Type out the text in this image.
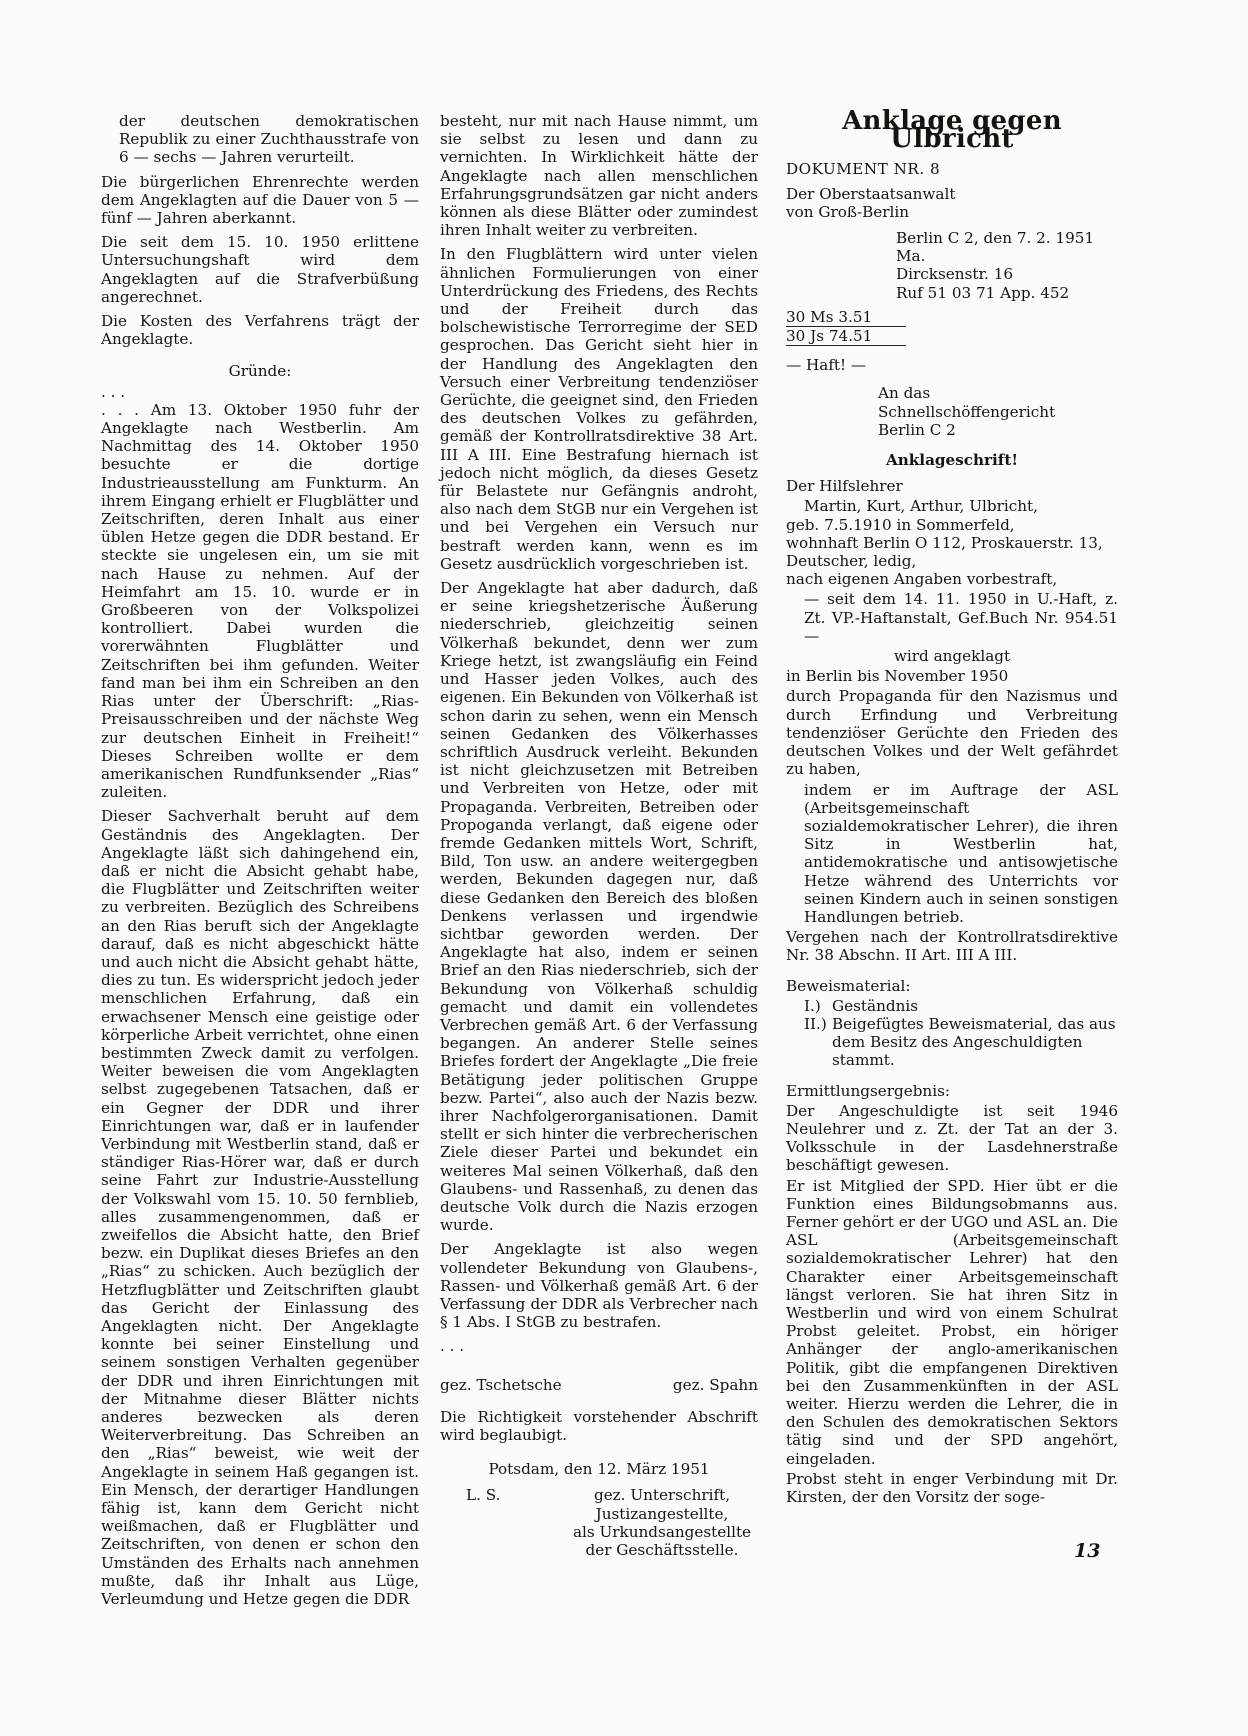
der deutschen demokratischen Republik zu einer Zuchthausstrafe von 6 — sechs — Jahren verurteilt.

Die bürgerlichen Ehrenrechte werden dem Angeklagten auf die Dauer von 5 — fünf — Jahren aberkannt.

Die seit dem 15. 10. 1950 erlittene Untersuchungshaft wird dem Angeklagten auf die Strafverbüßung angerechnet.

Die Kosten des Verfahrens trägt der Angeklagte.

Gründe:

. . .

. . . Am 13. Oktober 1950 fuhr der Angeklagte nach Westberlin. Am Nachmittag des 14. Oktober 1950 besuchte er die dortige Industrieausstellung am Funkturm. An ihrem Eingang erhielt er Flugblätter und Zeitschriften, deren Inhalt aus einer üblen Hetze gegen die DDR bestand. Er steckte sie ungelesen ein, um sie mit nach Hause zu nehmen. Auf der Heimfahrt am 15. 10. wurde er in Großbeeren von der Volkspolizei kontrolliert. Dabei wurden die vorerwähnten Flugblätter und Zeitschriften bei ihm gefunden. Weiter fand man bei ihm ein Schreiben an den Rias unter der Überschrift: „Rias-Preisausschreiben und der nächste Weg zur deutschen Einheit in Freiheit!“ Dieses Schreiben wollte er dem amerikanischen Rundfunksender „Rias“ zuleiten.

Dieser Sachverhalt beruht auf dem Geständnis des Angeklagten. Der Angeklagte läßt sich dahingehend ein, daß er nicht die Absicht gehabt habe, die Flugblätter und Zeitschriften weiter zu verbreiten. Bezüglich des Schreibens an den Rias beruft sich der Angeklagte darauf, daß es nicht abgeschickt hätte und auch nicht die Absicht gehabt hätte, dies zu tun. Es widerspricht jedoch jeder menschlichen Erfahrung, daß ein erwachsener Mensch eine geistige oder körperliche Arbeit verrichtet, ohne einen bestimmten Zweck damit zu verfolgen. Weiter beweisen die vom Angeklagten selbst zugegebenen Tatsachen, daß er ein Gegner der DDR und ihrer Einrichtungen war, daß er in laufender Verbindung mit Westberlin stand, daß er ständiger Rias-Hörer war, daß er durch seine Fahrt zur Industrie-Ausstellung der Volkswahl vom 15. 10. 50 fernblieb, alles zusammengenommen, daß er zweifellos die Absicht hatte, den Brief bezw. ein Duplikat dieses Briefes an den „Rias“ zu schicken. Auch bezüglich der Hetzflugblätter und Zeitschriften glaubt das Gericht der Einlassung des Angeklagten nicht. Der Angeklagte konnte bei seiner Einstellung und seinem sonstigen Verhalten gegenüber der DDR und ihren Einrichtungen mit der Mitnahme dieser Blätter nichts anderes bezwecken als deren Weiterverbreitung. Das Schreiben an den „Rias“ beweist, wie weit der Angeklagte in seinem Haß gegangen ist. Ein Mensch, der derartiger Handlungen fähig ist, kann dem Gericht nicht weißmachen, daß er Flugblätter und Zeitschriften, von denen er schon den Umständen des Erhalts nach annehmen mußte, daß ihr Inhalt aus Lüge, Verleumdung und Hetze gegen die DDR

besteht, nur mit nach Hause nimmt, um sie selbst zu lesen und dann zu vernichten. In Wirklichkeit hätte der Angeklagte nach allen menschlichen Erfahrungsgrundsätzen gar nicht anders können als diese Blätter oder zumindest ihren Inhalt weiter zu verbreiten.

In den Flugblättern wird unter vielen ähnlichen Formulierungen von einer Unterdrückung des Friedens, des Rechts und der Freiheit durch das bolschewistische Terrorregime der SED gesprochen. Das Gericht sieht hier in der Handlung des Angeklagten den Versuch einer Verbreitung tendenziöser Gerüchte, die geeignet sind, den Frieden des deutschen Volkes zu gefährden, gemäß der Kontrollratsdirektive 38 Art. III A III. Eine Bestrafung hiernach ist jedoch nicht möglich, da dieses Gesetz für Belastete nur Gefängnis androht, also nach dem StGB nur ein Vergehen ist und bei Vergehen ein Versuch nur bestraft werden kann, wenn es im Gesetz ausdrücklich vorgeschrieben ist.

Der Angeklagte hat aber dadurch, daß er seine kriegshetzerische Äußerung niederschrieb, gleichzeitig seinen Völkerhaß bekundet, denn wer zum Kriege hetzt, ist zwangsläufig ein Feind und Hasser jeden Volkes, auch des eigenen. Ein Bekunden von Völkerhaß ist schon darin zu sehen, wenn ein Mensch seinen Gedanken des Völkerhasses schriftlich Ausdruck verleiht. Bekunden ist nicht gleichzusetzen mit Betreiben und Verbreiten von Hetze, oder mit Propaganda. Verbreiten, Betreiben oder Propoganda verlangt, daß eigene oder fremde Gedanken mittels Wort, Schrift, Bild, Ton usw. an andere weitergegben werden, Bekunden dagegen nur, daß diese Gedanken den Bereich des bloßen Denkens verlassen und irgendwie sichtbar geworden werden. Der Angeklagte hat also, indem er seinen Brief an den Rias niederschrieb, sich der Bekundung von Völkerhaß schuldig gemacht und damit ein vollendetes Verbrechen gemäß Art. 6 der Verfassung begangen. An anderer Stelle seines Briefes fordert der Angeklagte „Die freie Betätigung jeder politischen Gruppe bezw. Partei“, also auch der Nazis bezw. ihrer Nachfolgerorganisationen. Damit stellt er sich hinter die verbrecherischen Ziele dieser Partei und bekundet ein weiteres Mal seinen Völkerhaß, daß den Glaubens- und Rassenhaß, zu denen das deutsche Volk durch die Nazis erzogen wurde.

Der Angeklagte ist also wegen vollendeter Bekundung von Glaubens-, Rassen- und Völkerhaß gemäß Art. 6 der Verfassung der DDR als Verbrecher nach § 1 Abs. I StGB zu bestrafen.

. . .

gez. Tschetsche	gez. Spahn

Die Richtigkeit vorstehender Abschrift wird beglaubigt.

Potsdam, den 12. März 1951

L. S.	gez. Unterschrift,
Justizangestellte,
als Urkundsangestellte
der Geschäftsstelle.
Anklage gegen Ulbricht

DOKUMENT NR. 8

Der Oberstaatsanwalt
von Groß-Berlin
Berlin C 2, den 7. 2. 1951 Ma.
Dircksenstr. 16
Ruf 51 03 71 App. 452
30 Ms 3.51
30 Js 74.51

— Haft! —

An das
Schnellschöffengericht
Berlin C 2

Anklageschrift!

Der Hilfslehrer

Martin, Kurt, Arthur, Ulbricht,
geb. 7.5.1910 in Sommerfeld,
wohnhaft Berlin O 112, Proskauerstr. 13,
Deutscher, ledig,
nach eigenen Angaben vorbestraft,

— seit dem 14. 11. 1950 in U.-Haft, z. Zt. VP.-Haftanstalt, Gef.Buch Nr. 954.51 —

wird angeklagt

in Berlin bis November 1950

durch Propaganda für den Nazismus und durch Erfindung und Verbreitung tendenziöser Gerüchte den Frieden des deutschen Volkes und der Welt gefährdet zu haben,

indem er im Auftrage der ASL (Arbeitsgemeinschaft sozialdemokratischer Lehrer), die ihren Sitz in Westberlin hat, antidemokratische und antisowjetische Hetze während des Unterrichts vor seinen Kindern auch in seinen sonstigen Handlungen betrieb.

Vergehen nach der Kontrollratsdirektive Nr. 38 Abschn. II Art. III A III.

Beweismaterial:

I.) Geständnis
II.) Beigefügtes Beweismaterial, das aus dem Besitz des Angeschuldigten stammt.

Ermittlungsergebnis:

Der Angeschuldigte ist seit 1946 Neulehrer und z. Zt. der Tat an der 3. Volksschule in der Lasdehnerstraße beschäftigt gewesen.

Er ist Mitglied der SPD. Hier übt er die Funktion eines Bildungsobmanns aus. Ferner gehört er der UGO und ASL an. Die ASL (Arbeitsgemeinschaft sozialdemokratischer Lehrer) hat den Charakter einer Arbeitsgemeinschaft längst verloren. Sie hat ihren Sitz in Westberlin und wird von einem Schulrat Probst geleitet. Probst, ein höriger Anhänger der anglo-amerikanischen Politik, gibt die empfangenen Direktiven bei den Zusammenkünften in der ASL weiter. Hierzu werden die Lehrer, die in den Schulen des demokratischen Sektors tätig sind und der SPD angehört, eingeladen.

Probst steht in enger Verbindung mit Dr. Kirsten, der den Vorsitz der soge-

13
